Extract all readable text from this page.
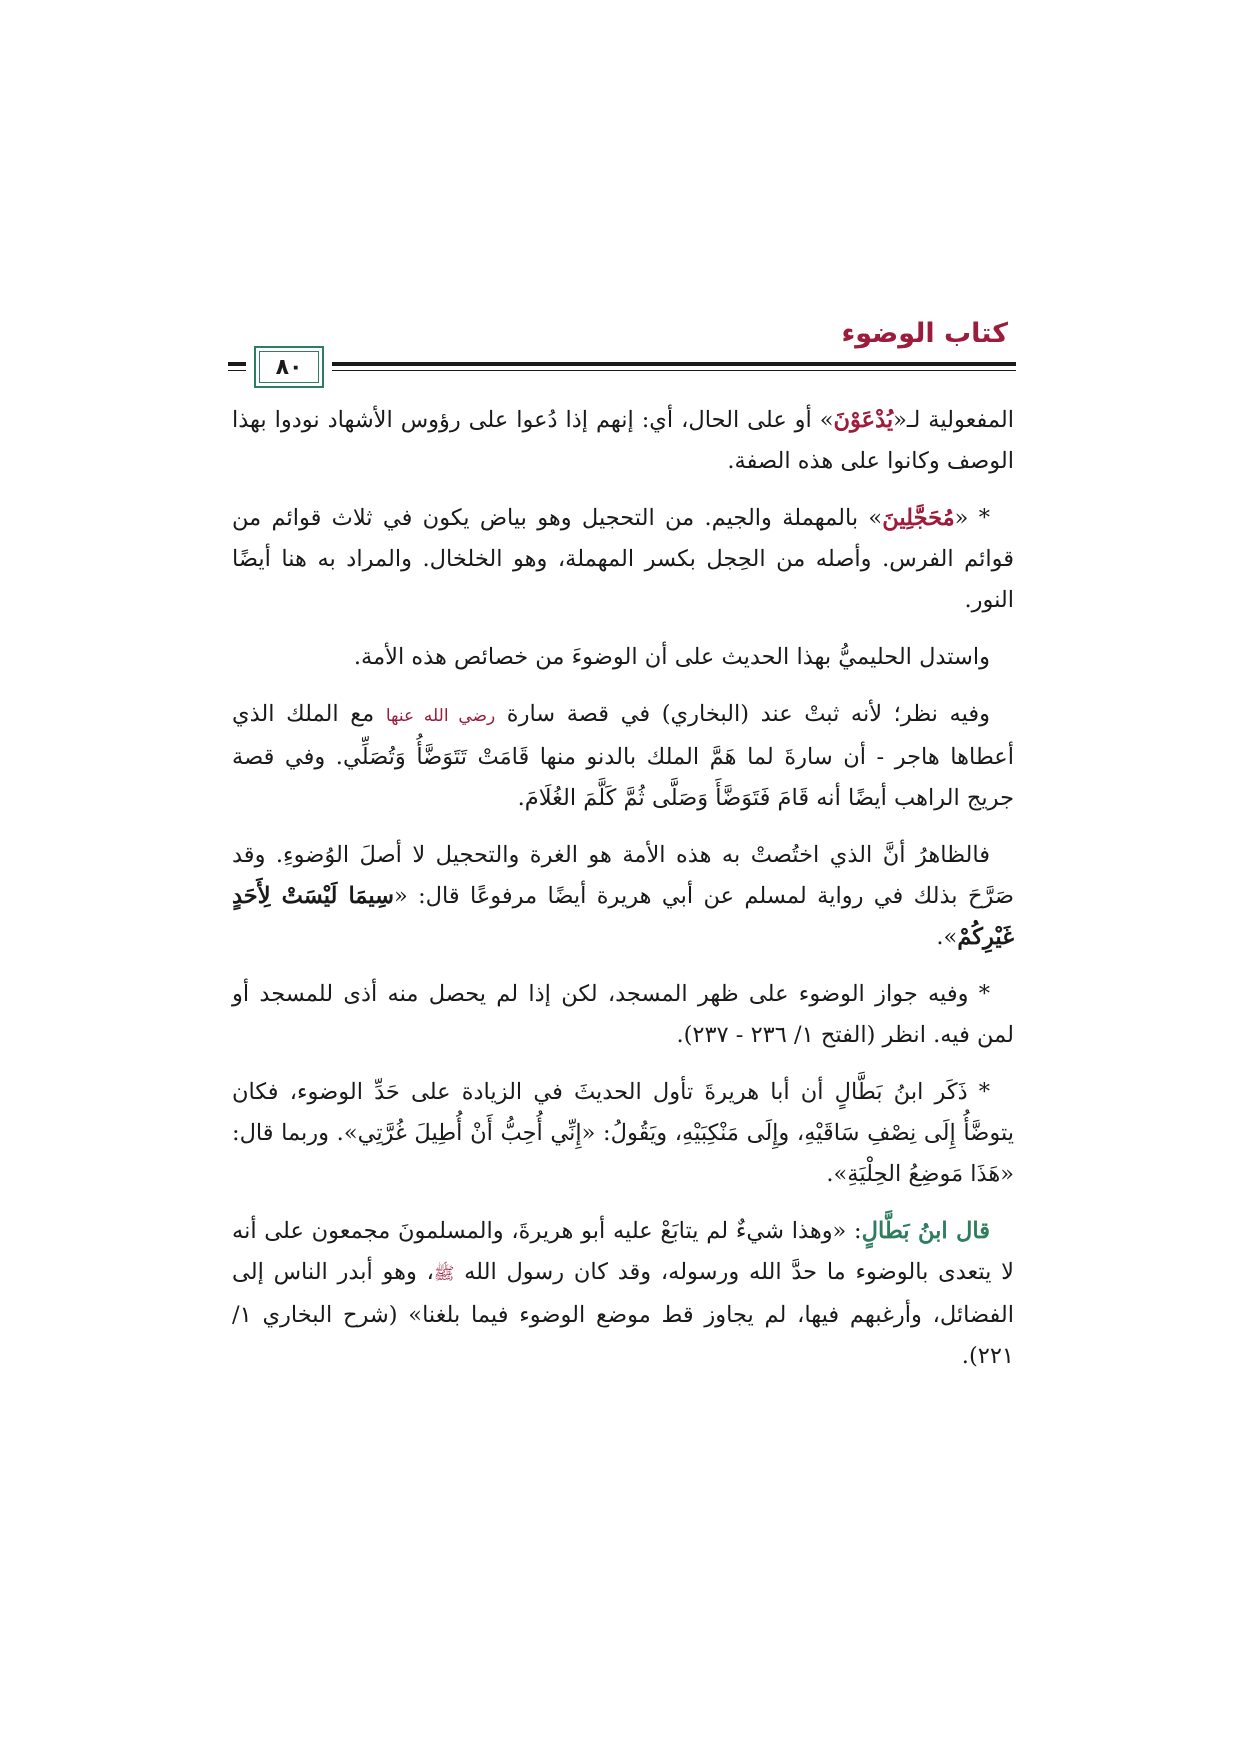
كتاب الوضوء
٨٠

المفعولية لـ«يُدْعَوْنَ» أو على الحال، أي: إنهم إذا دُعوا على رؤوس الأشهاد نودوا بهذا الوصف وكانوا على هذه الصفة.

* «مُحَجَّلِينَ» بالمهملة والجيم. من التحجيل وهو بياض يكون في ثلاث قوائم من قوائم الفرس. وأصله من الحِجل بكسر المهملة، وهو الخلخال. والمراد به هنا أيضًا النور.

واستدل الحليميُّ بهذا الحديث على أن الوضوءَ من خصائص هذه الأمة.

وفيه نظر؛ لأنه ثبتْ عند (البخاري) في قصة سارة رضي الله عنها مع الملك الذي أعطاها هاجر - أن سارةَ لما هَمَّ الملك بالدنو منها قَامَتْ تَتَوَضَّأُ وَتُصَلِّي. وفي قصة جريج الراهب أيضًا أنه قَامَ فَتَوَضَّأَ وَصَلَّى ثُمَّ كَلَّمَ الغُلَامَ.

فالظاهرُ أنَّ الذي اختُصتْ به هذه الأمة هو الغرة والتحجيل لا أصلَ الوُضوءِ. وقد صَرَّحَ بذلك في رواية لمسلم عن أبي هريرة أيضًا مرفوعًا قال: «سِيمَا لَيْسَتْ لِأَحَدٍ غَيْرِكُمْ».

* وفيه جواز الوضوء على ظهر المسجد، لكن إذا لم يحصل منه أذى للمسجد أو لمن فيه. انظر (الفتح ١/ ٢٣٦ - ٢٣٧).

* ذَكَر ابنُ بَطَّالٍ أن أبا هريرةَ تأول الحديثَ في الزيادة على حَدِّ الوضوء، فكان يتوضَّأُ إِلَى نِصْفِ سَاقَيْهِ، وإِلَى مَنْكِبَيْهِ، ويَقُولُ: «إِنِّي أُحِبُّ أَنْ أُطِيلَ غُرَّتِي». وربما قال: «هَذَا مَوضِعُ الحِلْيَةِ».

قال ابنُ بَطَّالٍ: «وهذا شيءٌ لم يتابَعْ عليه أبو هريرةَ، والمسلمونَ مجمعون على أنه لا يتعدى بالوضوء ما حدَّ الله ورسوله، وقد كان رسول الله ﷺ، وهو أبدر الناس إلى الفضائل، وأرغبهم فيها، لم يجاوز قط موضع الوضوء فيما بلغنا» (شرح البخاري ١/ ٢٢١).
